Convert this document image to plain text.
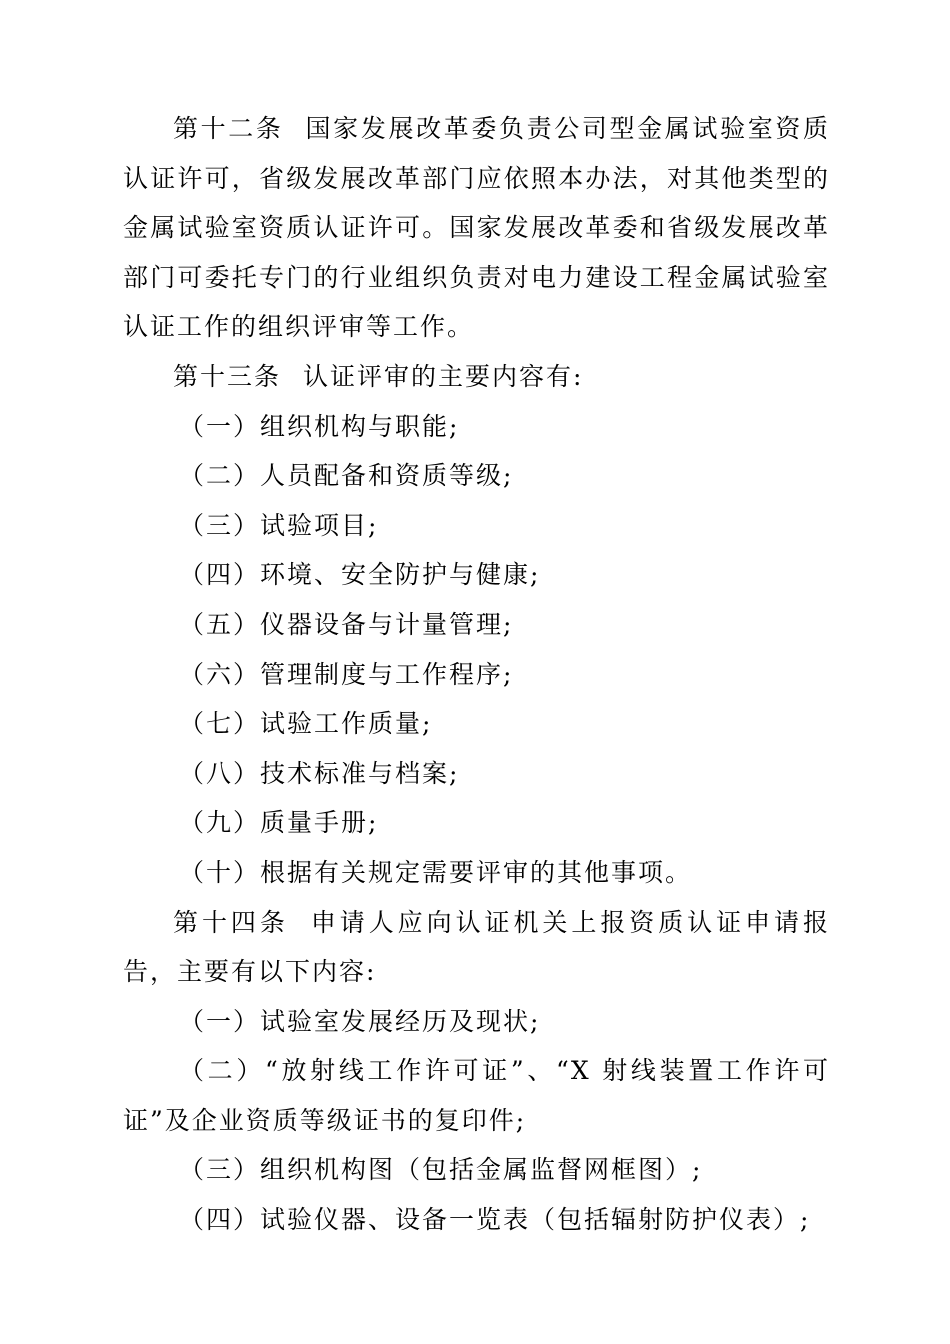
第十二条 国家发展改革委负责公司型金属试验室资质认证许可，省级发展改革部门应依照本办法，对其他类型的金属试验室资质认证许可。国家发展改革委和省级发展改革部门可委托专门的行业组织负责对电力建设工程金属试验室认证工作的组织评审等工作。

第十三条 认证评审的主要内容有:

（一）组织机构与职能;

（二）人员配备和资质等级;

（三）试验项目;

（四）环境、安全防护与健康;

（五）仪器设备与计量管理;

（六）管理制度与工作程序;

（七）试验工作质量;

（八）技术标准与档案;

（九）质量手册;

（十）根据有关规定需要评审的其他事项。

第十四条 申请人应向认证机关上报资质认证申请报告，主要有以下内容:

（一）试验室发展经历及现状;

（二）“放射线工作许可证”、“X 射线装置工作许可证”及企业资质等级证书的复印件;

（三）组织机构图（包括金属监督网框图）;

（四）试验仪器、设备一览表（包括辐射防护仪表）;
